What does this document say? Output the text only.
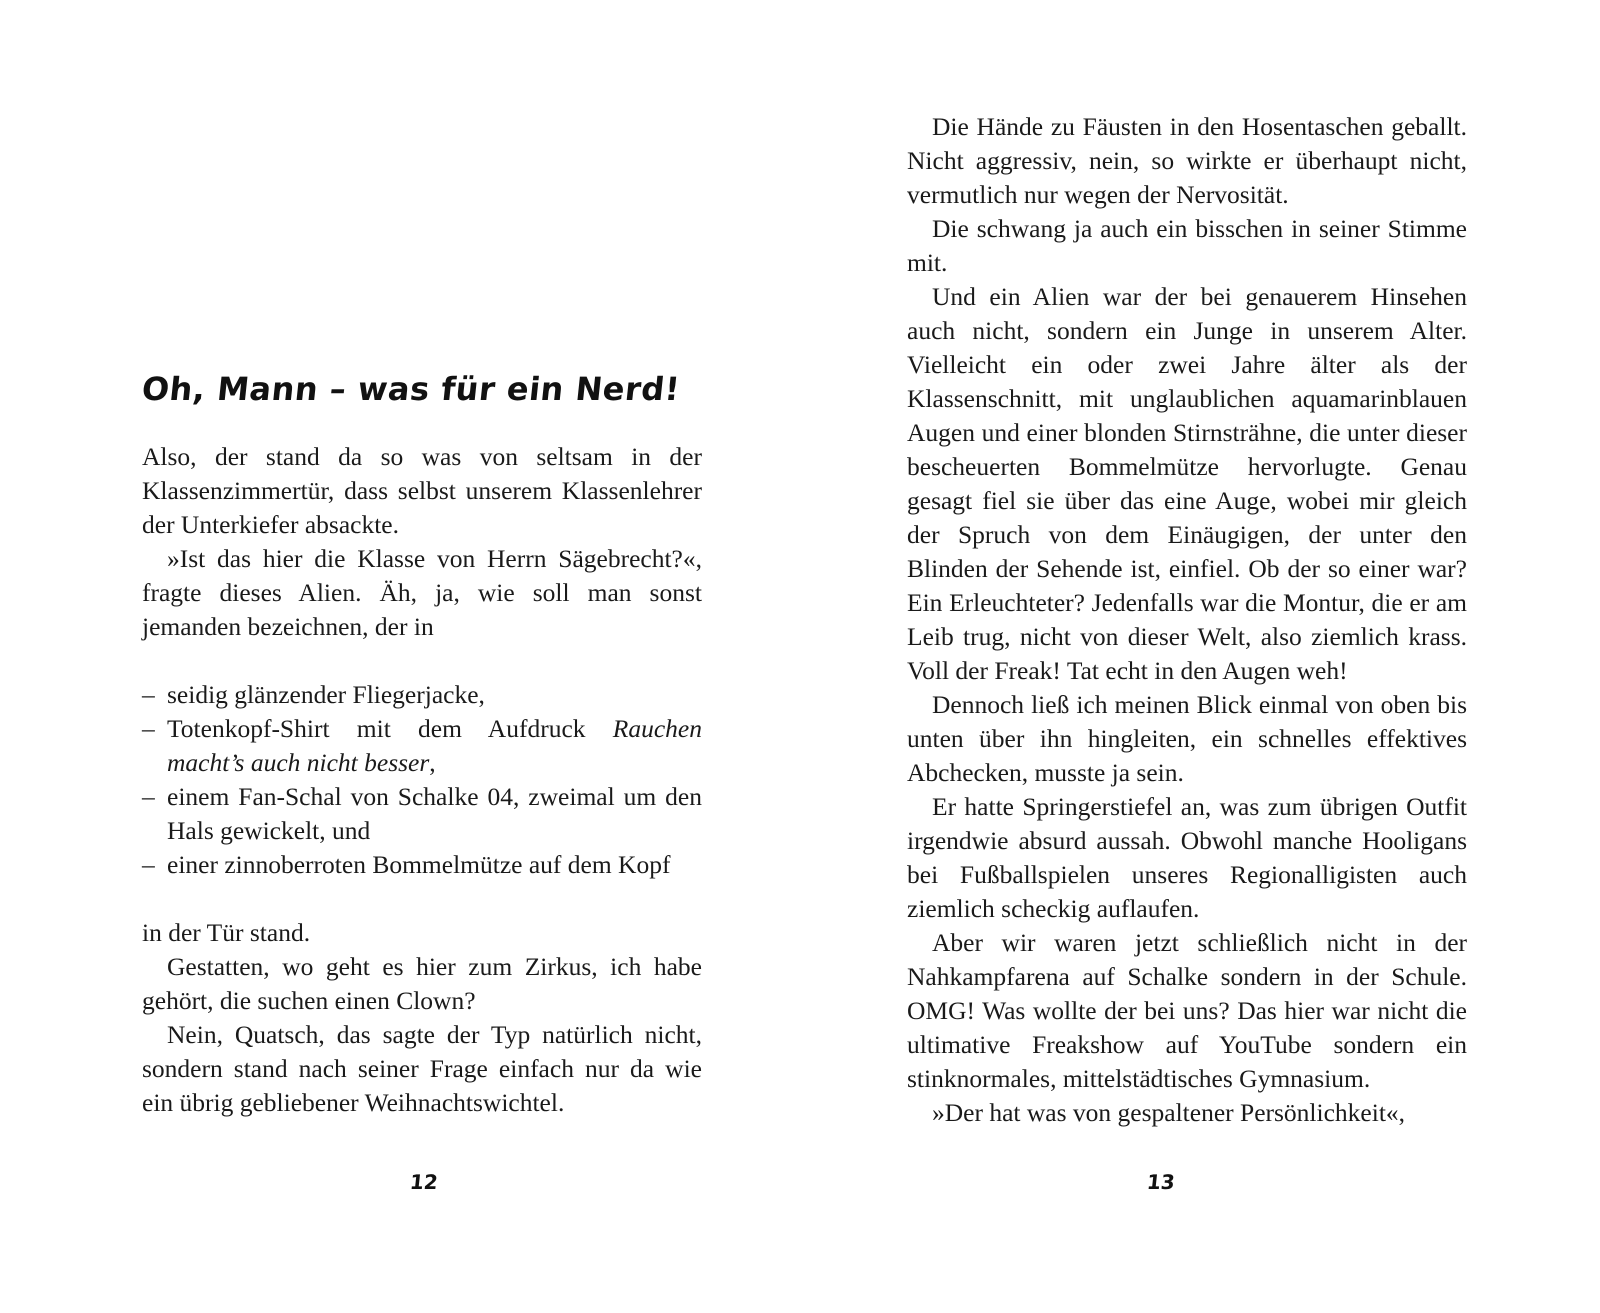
Oh, Mann – was für ein Nerd!

Also, der stand da so was von seltsam in der Klassenzimmertür, dass selbst unserem Klassenlehrer der Unterkiefer absackte.

»Ist das hier die Klasse von Herrn Sägebrecht?«, fragte dieses Alien. Äh, ja, wie soll man sonst jemanden bezeichnen, der in

– seidig glänzender Fliegerjacke,
– Totenkopf-Shirt mit dem Aufdruck Rauchen macht’s auch nicht besser,
– einem Fan-Schal von Schalke 04, zweimal um den Hals gewickelt, und
– einer zinnoberroten Bommelmütze auf dem Kopf

in der Tür stand.

Gestatten, wo geht es hier zum Zirkus, ich habe gehört, die suchen einen Clown?

Nein, Quatsch, das sagte der Typ natürlich nicht, sondern stand nach seiner Frage einfach nur da wie ein übrig gebliebener Weihnachtswichtel.

12

Die Hände zu Fäusten in den Hosentaschen geballt. Nicht aggressiv, nein, so wirkte er überhaupt nicht, vermutlich nur wegen der Nervosität.

Die schwang ja auch ein bisschen in seiner Stimme mit.

Und ein Alien war der bei genauerem Hinsehen auch nicht, sondern ein Junge in unserem Alter. Vielleicht ein oder zwei Jahre älter als der Klassenschnitt, mit unglaublichen aquamarinblauen Augen und einer blonden Stirnsträhne, die unter dieser bescheuerten Bommelmütze hervorlugte. Genau gesagt fiel sie über das eine Auge, wobei mir gleich der Spruch von dem Einäugigen, der unter den Blinden der Sehende ist, einfiel. Ob der so einer war? Ein Erleuchteter? Jedenfalls war die Montur, die er am Leib trug, nicht von dieser Welt, also ziemlich krass. Voll der Freak! Tat echt in den Augen weh!

Dennoch ließ ich meinen Blick einmal von oben bis unten über ihn hingleiten, ein schnelles effektives Abchecken, musste ja sein.

Er hatte Springerstiefel an, was zum übrigen Outfit irgendwie absurd aussah. Obwohl manche Hooligans bei Fußballspielen unseres Regionalligisten auch ziemlich scheckig auflaufen.

Aber wir waren jetzt schließlich nicht in der Nahkampfarena auf Schalke sondern in der Schule. OMG! Was wollte der bei uns? Das hier war nicht die ultimative Freakshow auf YouTube sondern ein stinknormales, mittelstädtisches Gymnasium.

»Der hat was von gespaltener Persönlichkeit«,

13
